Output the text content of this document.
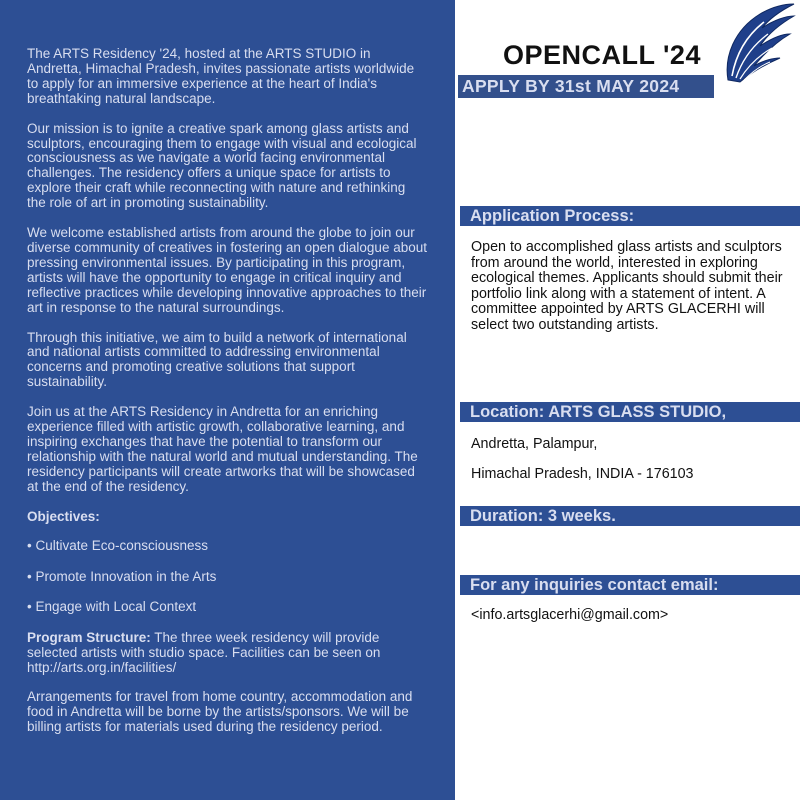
The ARTS Residency '24, hosted at the ARTS STUDIO in Andretta, Himachal Pradesh, invites passionate artists worldwide to apply for an immersive experience at the heart of India's breathtaking natural landscape.

Our mission is to ignite a creative spark among glass artists and sculptors, encouraging them to engage with visual and ecological consciousness as we navigate a world facing environmental challenges. The residency offers a unique space for artists to explore their craft while reconnecting with nature and rethinking the role of art in promoting sustainability.

We welcome established artists from around the globe to join our diverse community of creatives in fostering an open dialogue about pressing environmental issues. By participating in this program, artists will have the opportunity to engage in critical inquiry and reflective practices while developing innovative approaches to their art in response to the natural surroundings.

Through this initiative, we aim to build a network of international and national artists committed to addressing environmental concerns and promoting creative solutions that support sustainability.

Join us at the ARTS Residency in Andretta for an enriching experience filled with artistic growth, collaborative learning, and inspiring exchanges that have the potential to transform our relationship with the natural world and mutual understanding. The residency participants will create artworks that will be showcased at the end of the residency.

Objectives:

• Cultivate Eco-consciousness

• Promote Innovation in the Arts

• Engage with Local Context

Program Structure: The three week residency will provide selected artists with studio space. Facilities can be seen on http://arts.org.in/facilities/

Arrangements for travel from home country, accommodation and food in Andretta will be borne by the artists/sponsors. We will be billing artists for materials used during the residency period.

OPENCALL '24
APPLY BY 31st MAY 2024
Application Process:
Open to accomplished glass artists and sculptors from around the world, interested in exploring ecological themes. Applicants should submit their portfolio link along with a statement of intent. A committee appointed by ARTS GLACERHI will select two outstanding artists.
Location: ARTS GLASS STUDIO,
Andretta, Palampur,
Himachal Pradesh, INDIA - 176103
Duration: 3 weeks.
For any inquiries contact email:
<info.artsglacerhi@gmail.com>
